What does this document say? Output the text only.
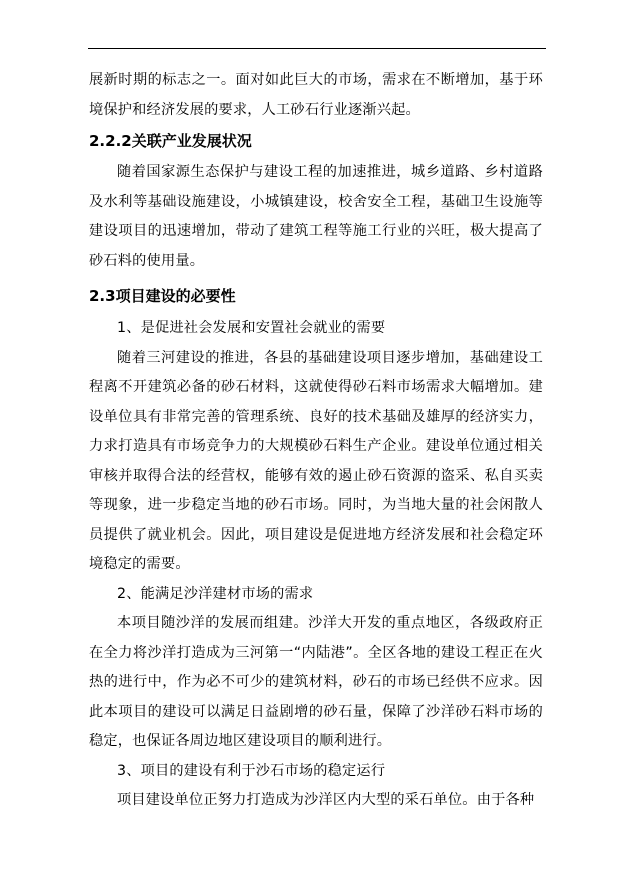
展新时期的标志之一。面对如此巨大的市场，需求在不断增加，基于环境保护和经济发展的要求，人工砂石行业逐渐兴起。

2.2.2关联产业发展状况

随着国家源生态保护与建设工程的加速推进，城乡道路、乡村道路及水利等基础设施建设，小城镇建设，校舍安全工程，基础卫生设施等建设项目的迅速增加，带动了建筑工程等施工行业的兴旺，极大提高了砂石料的使用量。

2.3项目建设的必要性

1、是促进社会发展和安置社会就业的需要

随着三河建设的推进，各县的基础建设项目逐步增加，基础建设工程离不开建筑必备的砂石材料，这就使得砂石料市场需求大幅增加。建设单位具有非常完善的管理系统、良好的技术基础及雄厚的经济实力，力求打造具有市场竞争力的大规模砂石料生产企业。建设单位通过相关审核并取得合法的经营权，能够有效的遏止砂石资源的盗采、私自买卖等现象，进一步稳定当地的砂石市场。同时，为当地大量的社会闲散人员提供了就业机会。因此，项目建设是促进地方经济发展和社会稳定环境稳定的需要。

2、能满足沙洋建材市场的需求

本项目随沙洋的发展而组建。沙洋大开发的重点地区，各级政府正在全力将沙洋打造成为三河第一“内陆港”。全区各地的建设工程正在火热的进行中，作为必不可少的建筑材料，砂石的市场已经供不应求。因此本项目的建设可以满足日益剧增的砂石量，保障了沙洋砂石料市场的稳定，也保证各周边地区建设项目的顺利进行。

3、项目的建设有利于沙石市场的稳定运行

项目建设单位正努力打造成为沙洋区内大型的采石单位。由于各种
